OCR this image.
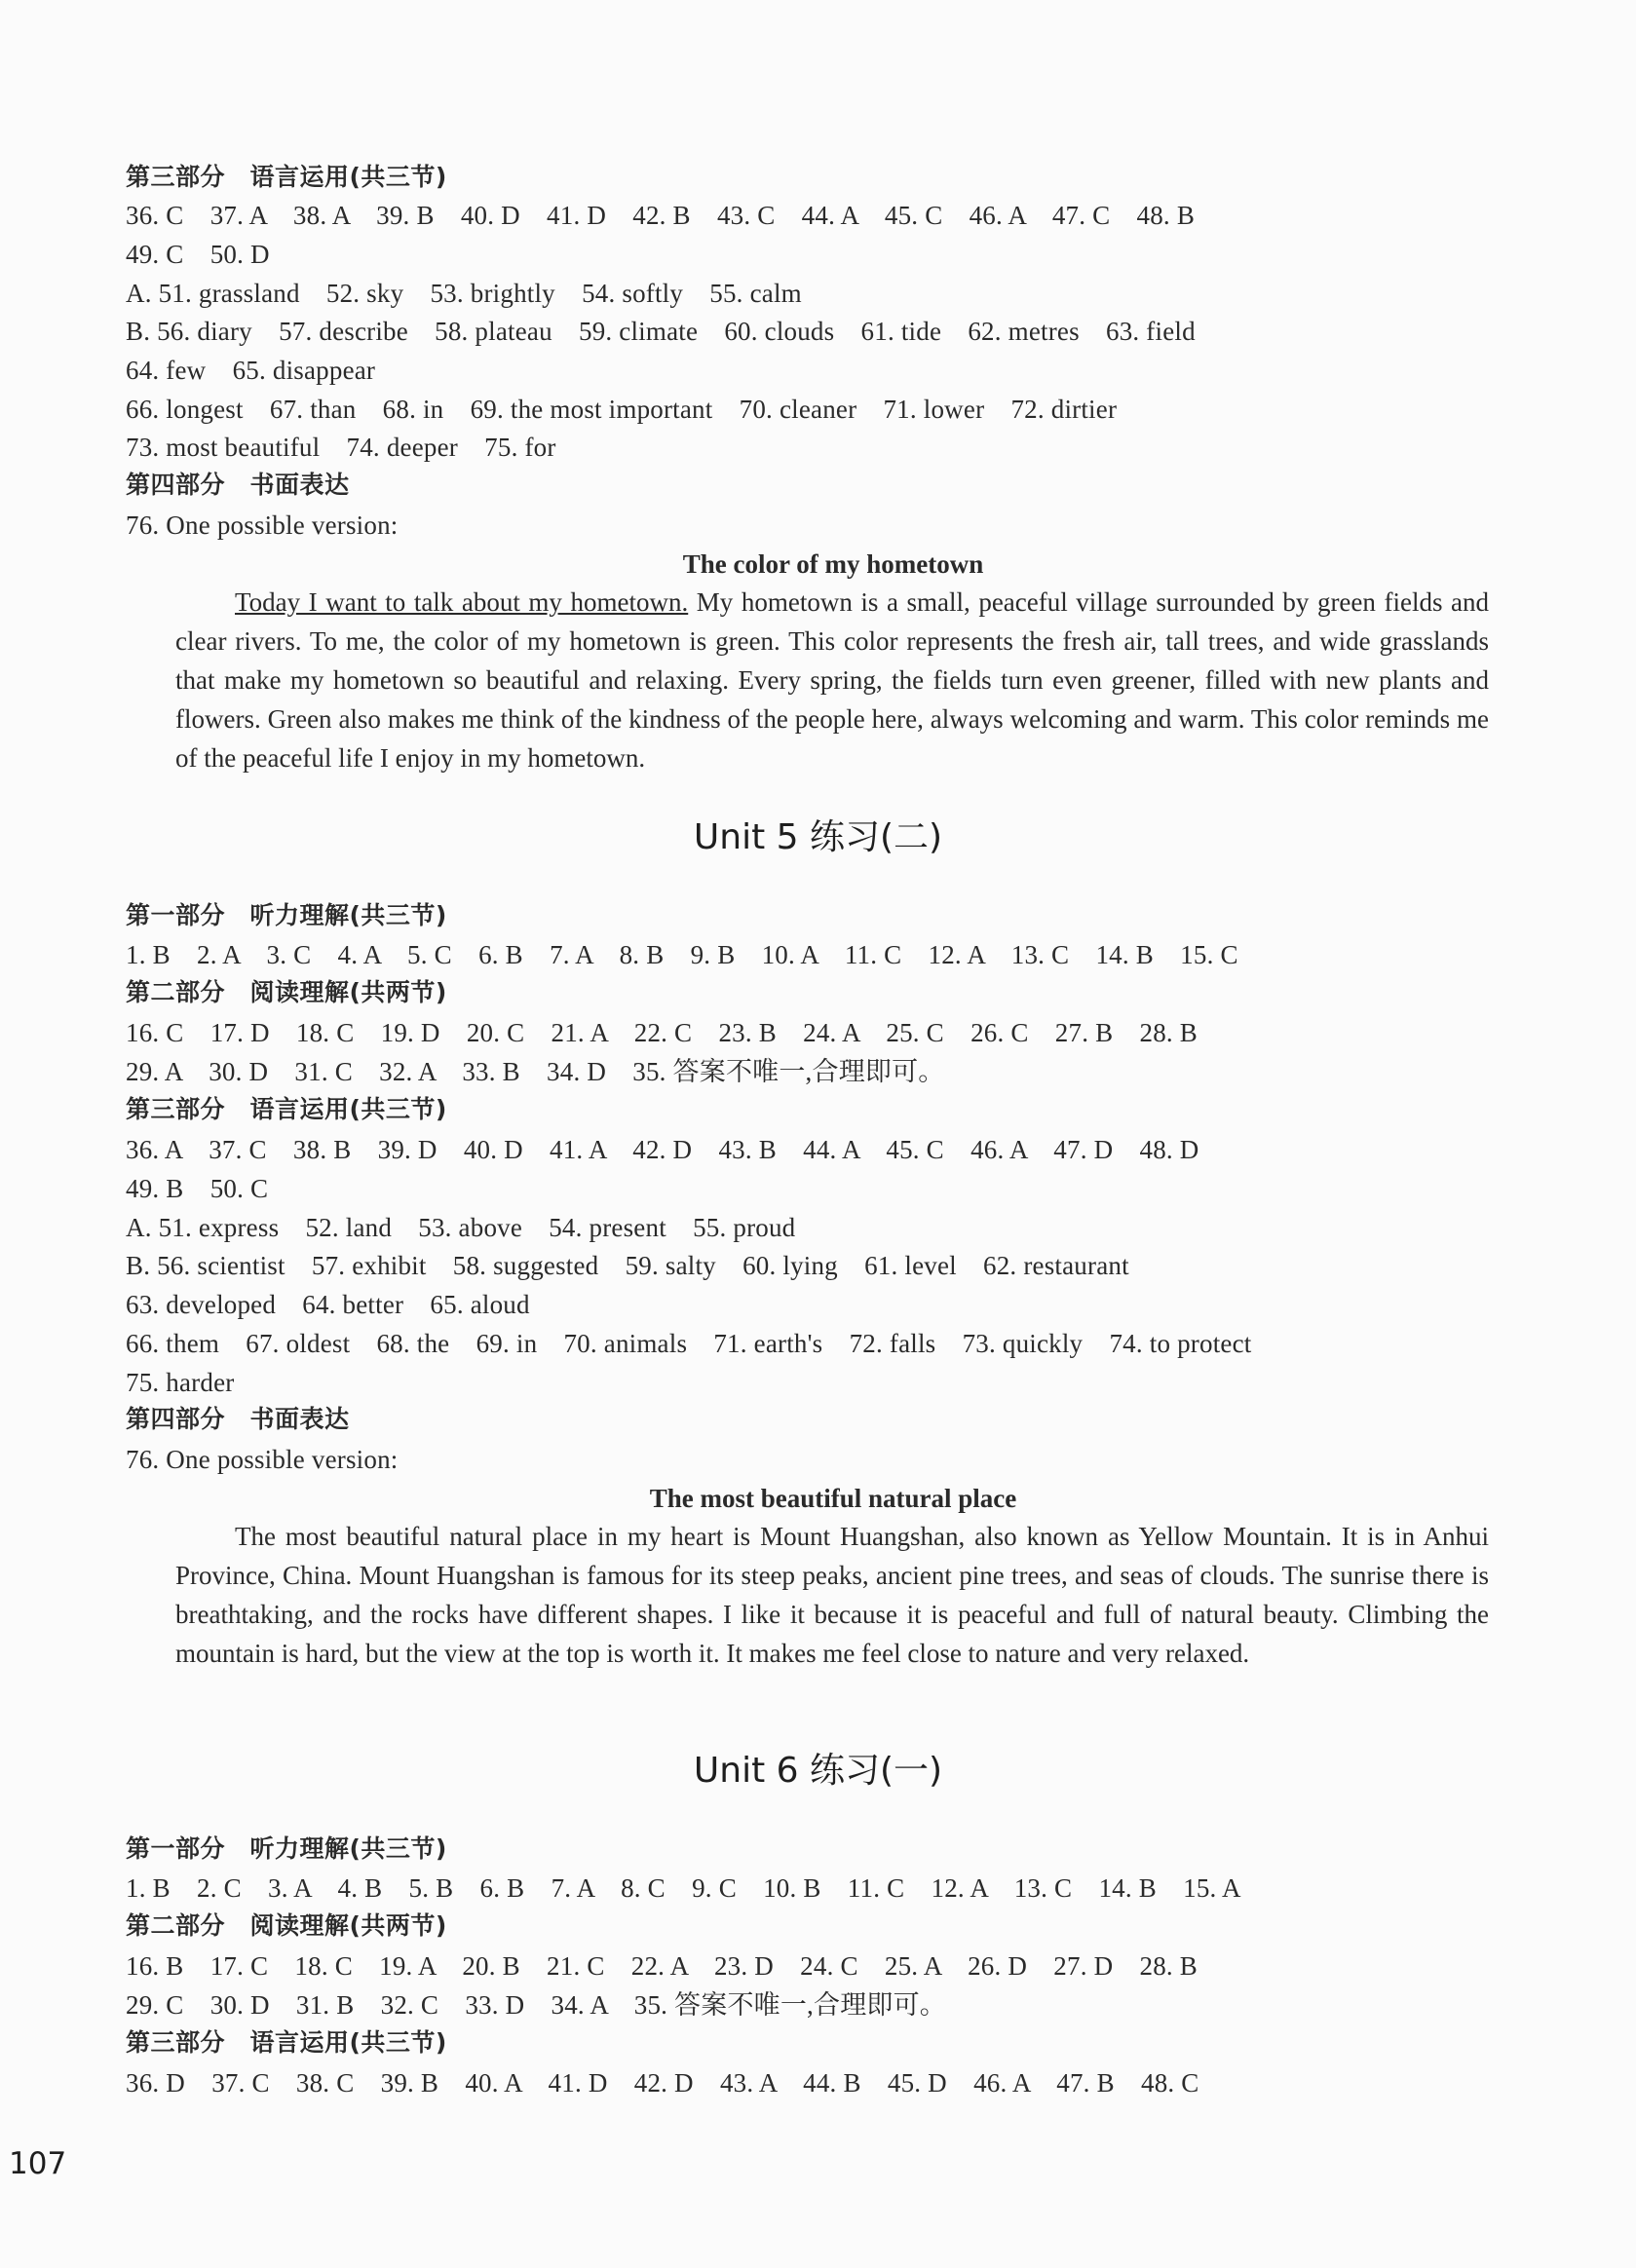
第三部分　语言运用(共三节)
36. C　37. A　38. A　39. B　40. D　41. D　42. B　43. C　44. A　45. C　46. A　47. C　48. B
49. C　50. D
A. 51. grassland　52. sky　53. brightly　54. softly　55. calm
B. 56. diary　57. describe　58. plateau　59. climate　60. clouds　61. tide　62. metres　63. field
64. few　65. disappear
66. longest　67. than　68. in　69. the most important　70. cleaner　71. lower　72. dirtier
73. most beautiful　74. deeper　75. for
第四部分　书面表达
76. One possible version:
The color of my hometown

Today I want to talk about my hometown. My hometown is a small, peaceful village surrounded by green fields and clear rivers. To me, the color of my hometown is green. This color represents the fresh air, tall trees, and wide grasslands that make my hometown so beautiful and relaxing. Every spring, the fields turn even greener, filled with new plants and flowers. Green also makes me think of the kindness of the people here, always welcoming and warm. This color reminds me of the peaceful life I enjoy in my hometown.

Unit 5 练习(二)
第一部分　听力理解(共三节)
1. B　2. A　3. C　4. A　5. C　6. B　7. A　8. B　9. B　10. A　11. C　12. A　13. C　14. B　15. C
第二部分　阅读理解(共两节)
16. C　17. D　18. C　19. D　20. C　21. A　22. C　23. B　24. A　25. C　26. C　27. B　28. B
29. A　30. D　31. C　32. A　33. B　34. D　35. 答案不唯一,合理即可。
第三部分　语言运用(共三节)
36. A　37. C　38. B　39. D　40. D　41. A　42. D　43. B　44. A　45. C　46. A　47. D　48. D
49. B　50. C
A. 51. express　52. land　53. above　54. present　55. proud
B. 56. scientist　57. exhibit　58. suggested　59. salty　60. lying　61. level　62. restaurant
63. developed　64. better　65. aloud
66. them　67. oldest　68. the　69. in　70. animals　71. earth's　72. falls　73. quickly　74. to protect
75. harder
第四部分　书面表达
76. One possible version:
The most beautiful natural place

The most beautiful natural place in my heart is Mount Huangshan, also known as Yellow Mountain. It is in Anhui Province, China. Mount Huangshan is famous for its steep peaks, ancient pine trees, and seas of clouds. The sunrise there is breathtaking, and the rocks have different shapes. I like it because it is peaceful and full of natural beauty. Climbing the mountain is hard, but the view at the top is worth it. It makes me feel close to nature and very relaxed.

Unit 6 练习(一)
第一部分　听力理解(共三节)
1. B　2. C　3. A　4. B　5. B　6. B　7. A　8. C　9. C　10. B　11. C　12. A　13. C　14. B　15. A
第二部分　阅读理解(共两节)
16. B　17. C　18. C　19. A　20. B　21. C　22. A　23. D　24. C　25. A　26. D　27. D　28. B
29. C　30. D　31. B　32. C　33. D　34. A　35. 答案不唯一,合理即可。
第三部分　语言运用(共三节)
36. D　37. C　38. C　39. B　40. A　41. D　42. D　43. A　44. B　45. D　46. A　47. B　48. C
107
